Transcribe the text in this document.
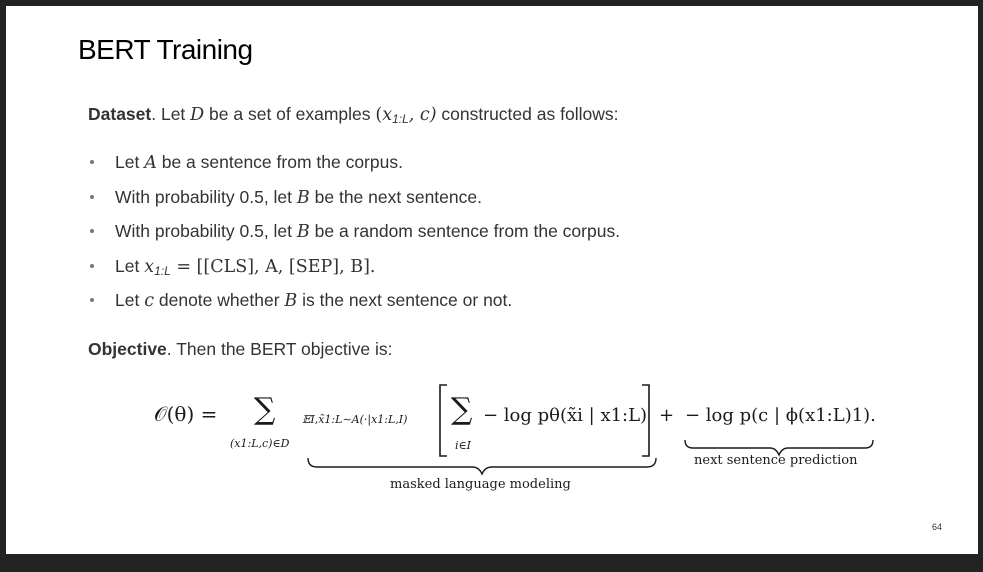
BERT Training
Dataset. Let D be a set of examples ($x_{1:L}$, c) constructed as follows:
Let A be a sentence from the corpus.
With probability 0.5, let B be the next sentence.
With probability 0.5, let B be a random sentence from the corpus.
Let $x_{1:L} = [[CLS]$, A, [SEP], B].
Let c denote whether B is the next sentence or not.
Objective. Then the BERT objective is:
𝒪(θ) = ∑
(x1:L,c)∈D
𝔼I,x̃1:L∼A(·|x1:L,I) ∑
i∈I
− log pθ(x̃i | x1:L) + − log p(c | ϕ(x1:L)1).
masked language modeling
next sentence prediction
64
